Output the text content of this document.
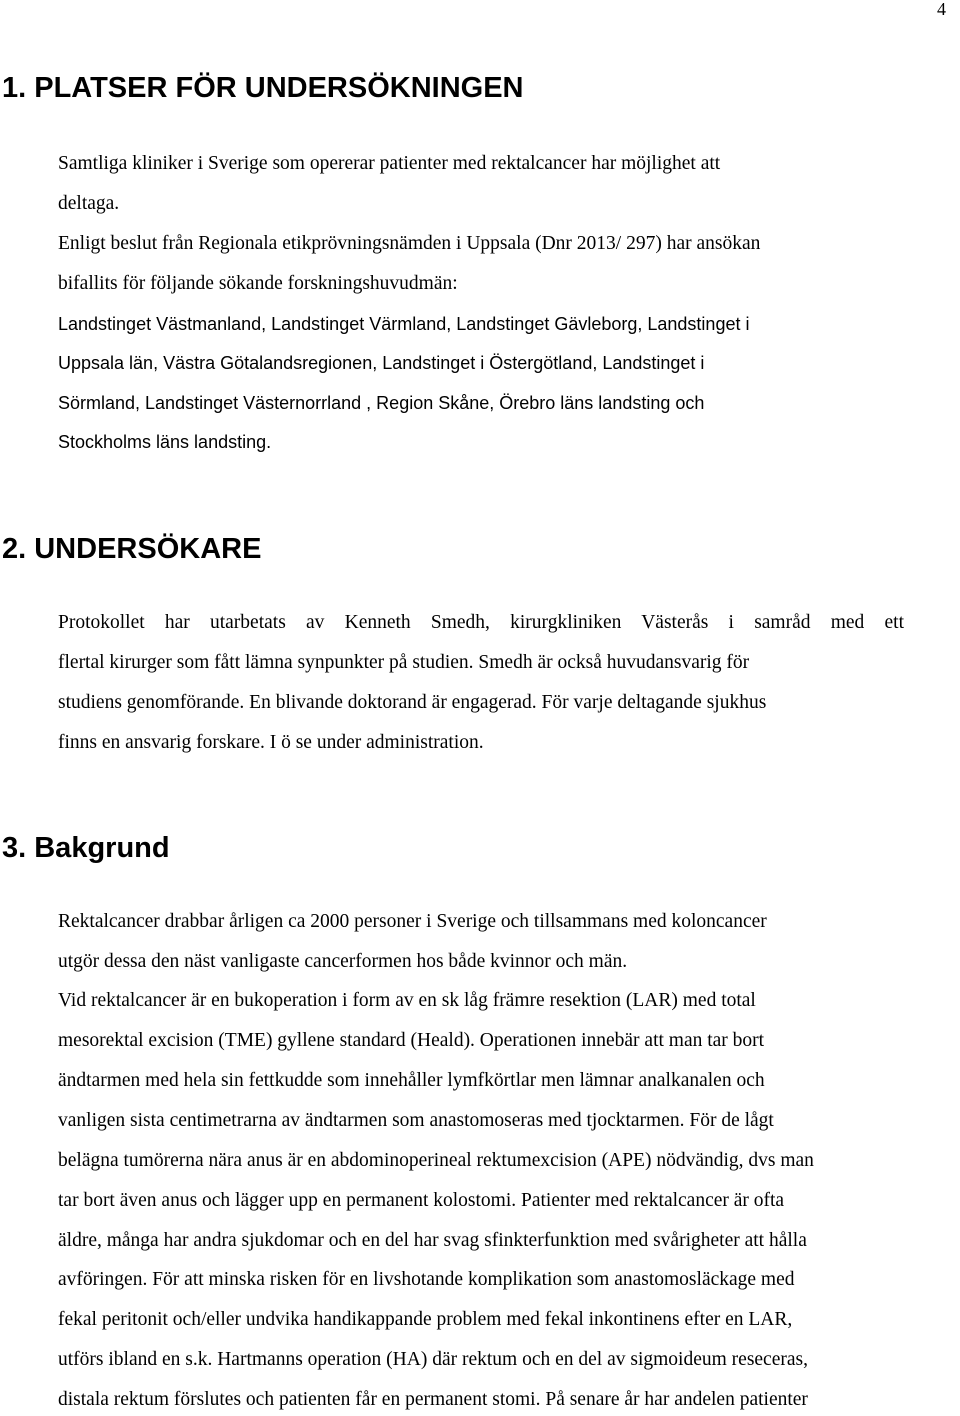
4
1. PLATSER FÖR UNDERSÖKNINGEN

Samtliga kliniker i Sverige som opererar patienter med rektalcancer har möjlighet att

deltaga.

Enligt beslut från Regionala etikprövningsnämden i Uppsala (Dnr 2013/ 297) har ansökan

bifallits för följande sökande forskningshuvudmän:

Landstinget Västmanland, Landstinget Värmland, Landstinget Gävleborg, Landstinget i

Uppsala län, Västra Götalandsregionen, Landstinget i Östergötland, Landstinget i

Sörmland, Landstinget Västernorrland , Region Skåne, Örebro läns landsting och

Stockholms läns landsting.

2. UNDERSÖKARE

Protokollet har utarbetats av Kenneth Smedh, kirurgkliniken Västerås i samråd med ett

flertal kirurger som fått lämna synpunkter på studien. Smedh är också huvudansvarig för

studiens genomförande. En blivande doktorand är engagerad. För varje deltagande sjukhus

finns en ansvarig forskare. I ö se under administration.

3. Bakgrund

Rektalcancer drabbar årligen ca 2000 personer i Sverige och tillsammans med koloncancer

utgör dessa den näst vanligaste cancerformen hos både kvinnor och män.

Vid rektalcancer är en bukoperation i form av en sk låg främre resektion (LAR) med total

mesorektal excision (TME) gyllene standard (Heald). Operationen innebär att man tar bort

ändtarmen med hela sin fettkudde som innehåller lymfkörtlar men lämnar analkanalen och

vanligen sista centimetrarna av ändtarmen som anastomoseras med tjocktarmen. För de lågt

belägna tumörerna nära anus är en abdominoperineal rektumexcision (APE) nödvändig, dvs man

tar bort även anus och lägger upp en permanent kolostomi. Patienter med rektalcancer är ofta

äldre, många har andra sjukdomar och en del har svag sfinkterfunktion med svårigheter att hålla

avföringen. För att minska risken för en livshotande komplikation som anastomosläckage med

fekal peritonit och/eller undvika handikappande problem med fekal inkontinens efter en LAR,

utförs ibland en s.k. Hartmanns operation (HA) där rektum och en del av sigmoideum reseceras,

distala rektum förslutes och patienten får en permanent stomi. På senare år har andelen patienter
